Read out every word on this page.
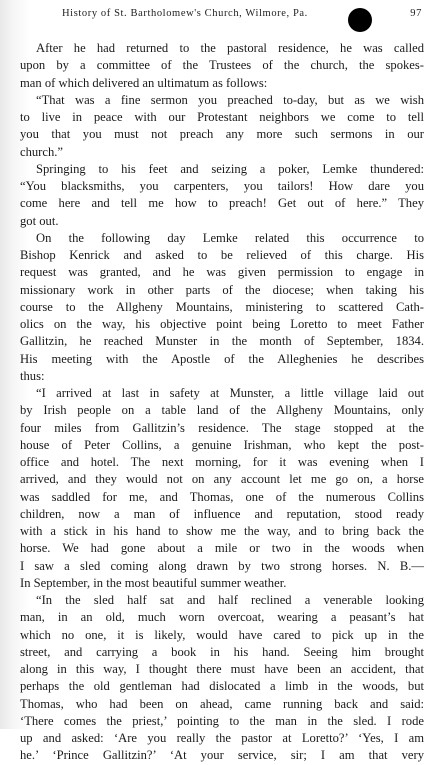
History of St. Bartholomew's Church, Wilmore, Pa.	97

After he had returned to the pastoral residence, he was called
upon by a committee of the Trustees of the church, the spokes-
man of which delivered an ultimatum as follows:

“That was a fine sermon you preached to-day, but as we wish
to live in peace with our Protestant neighbors we come to tell
you that you must not preach any more such sermons in our
church.”

Springing to his feet and seizing a poker, Lemke thundered:
“You blacksmiths, you carpenters, you tailors! How dare you
come here and tell me how to preach! Get out of here.” They
got out.

On the following day Lemke related this occurrence to
Bishop Kenrick and asked to be relieved of this charge. His
request was granted, and he was given permission to engage in
missionary work in other parts of the diocese; when taking his
course to the Allgheny Mountains, ministering to scattered Cath-
olics on the way, his objective point being Loretto to meet Father
Gallitzin, he reached Munster in the month of September, 1834.
His meeting with the Apostle of the Alleghenies he describes
thus:

“I arrived at last in safety at Munster, a little village laid out
by Irish people on a table land of the Allgheny Mountains, only
four miles from Gallitzin’s residence. The stage stopped at the
house of Peter Collins, a genuine Irishman, who kept the post-
office and hotel. The next morning, for it was evening when I
arrived, and they would not on any account let me go on, a horse
was saddled for me, and Thomas, one of the numerous Collins
children, now a man of influence and reputation, stood ready
with a stick in his hand to show me the way, and to bring back the
horse. We had gone about a mile or two in the woods when
I saw a sled coming along drawn by two strong horses. N. B.—
In September, in the most beautiful summer weather.

“In the sled half sat and half reclined a venerable looking
man, in an old, much worn overcoat, wearing a peasant’s hat
which no one, it is likely, would have cared to pick up in the
street, and carrying a book in his hand. Seeing him brought
along in this way, I thought there must have been an accident, that
perhaps the old gentleman had dislocated a limb in the woods, but
Thomas, who had been on ahead, came running back and said:
‘There comes the priest,’ pointing to the man in the sled. I rode
up and asked: ‘Are you really the pastor at Loretto?’ ‘Yes, I am
he.’ ‘Prince Gallitzin?’ ‘At your service, sir; I am that very
